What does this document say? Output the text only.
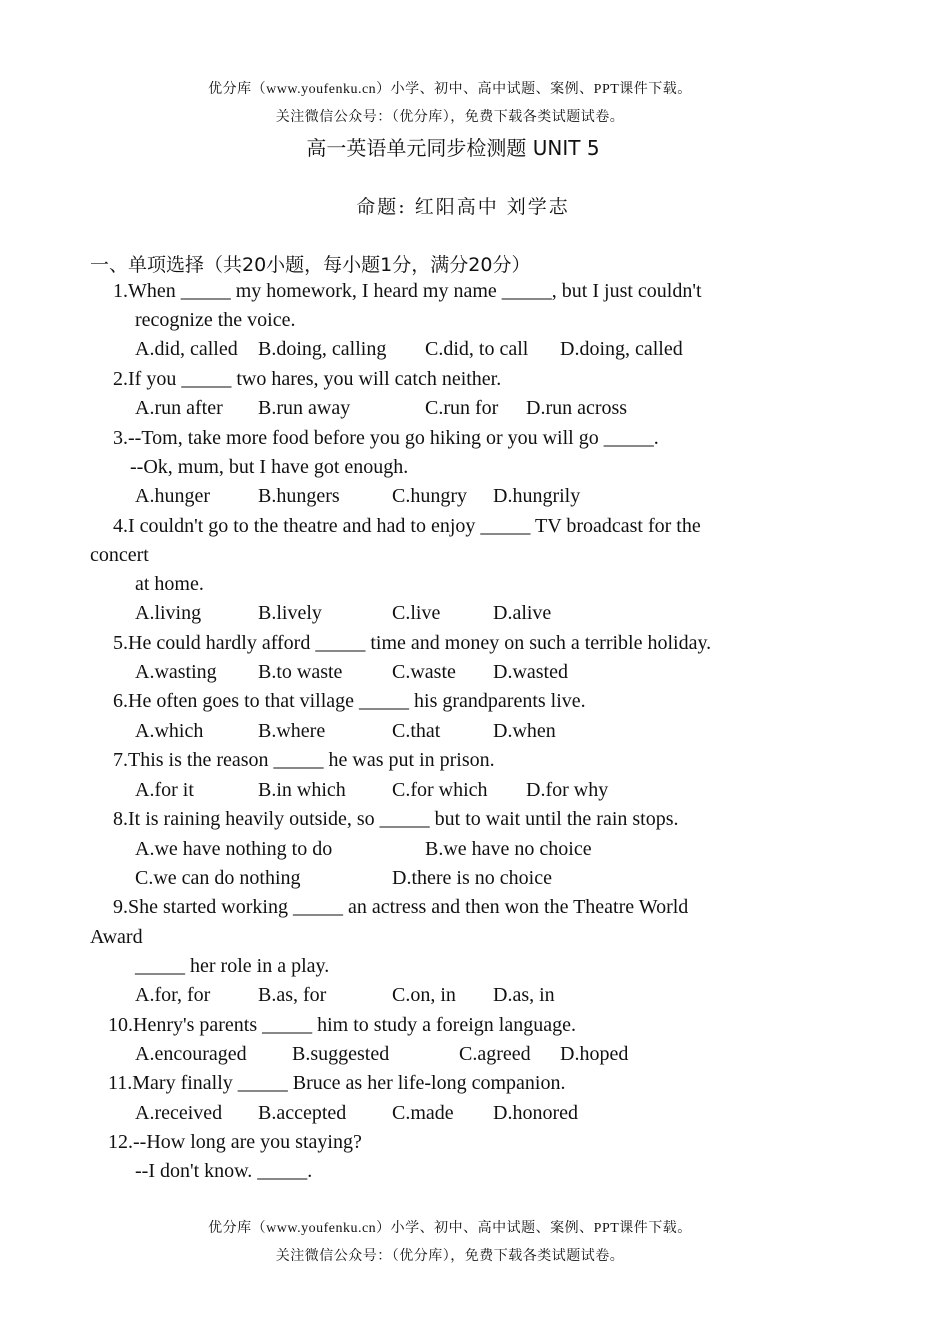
优分库（www.youfenku.cn）小学、初中、高中试题、案例、PPT课件下载。
关注微信公众号：（优分库），免费下载各类试题试卷。
高一英语单元同步检测题 UNIT 5
命题: 红阳高中 刘学志
一、单项选择（共20小题，每小题1分，满分20分）
1.When _____ my homework, I heard my name _____, but I just couldn't
recognize the voice.
A.did, called B.doing, calling C.did, to call D.doing, called
2.If you _____ two hares, you will catch neither.
A.run after B.run away	C.run for D.run across
3.--Tom, take more food before you go hiking or you will go _____.
--Ok, mum, but I have got enough.
A.hunger B.hungers	C.hungry D.hungrily
4.I couldn't go to the theatre and had to enjoy _____ TV broadcast for the
concert
at home.
A.living	B.lively	C.live	D.alive
5.He could hardly afford _____ time and money on such a terrible holiday.
A.wasting B.to waste C.waste D.wasted
6.He often goes to that village _____ his grandparents live.
A.which	B.where	C.that	D.when
7.This is the reason _____ he was put in prison.
A.for it	B.in which C.for which D.for why
8.It is raining heavily outside, so _____ but to wait until the rain stops.
A.we have nothing to do	B.we have no choice
C.we can do nothing	D.there is no choice
9.She started working _____ an actress and then won the Theatre World
Award
_____ her role in a play.
A.for, for B.as, for	C.on, in D.as, in
10.Henry's parents _____ him to study a foreign language.
A.encouraged B.suggested	C.agreed D.hoped
11.Mary finally _____ Bruce as her life-long companion.
A.received B.accepted C.made D.honored
12.--How long are you staying?
--I don't know. _____.
优分库（www.youfenku.cn）小学、初中、高中试题、案例、PPT课件下载。
关注微信公众号：（优分库），免费下载各类试题试卷。
